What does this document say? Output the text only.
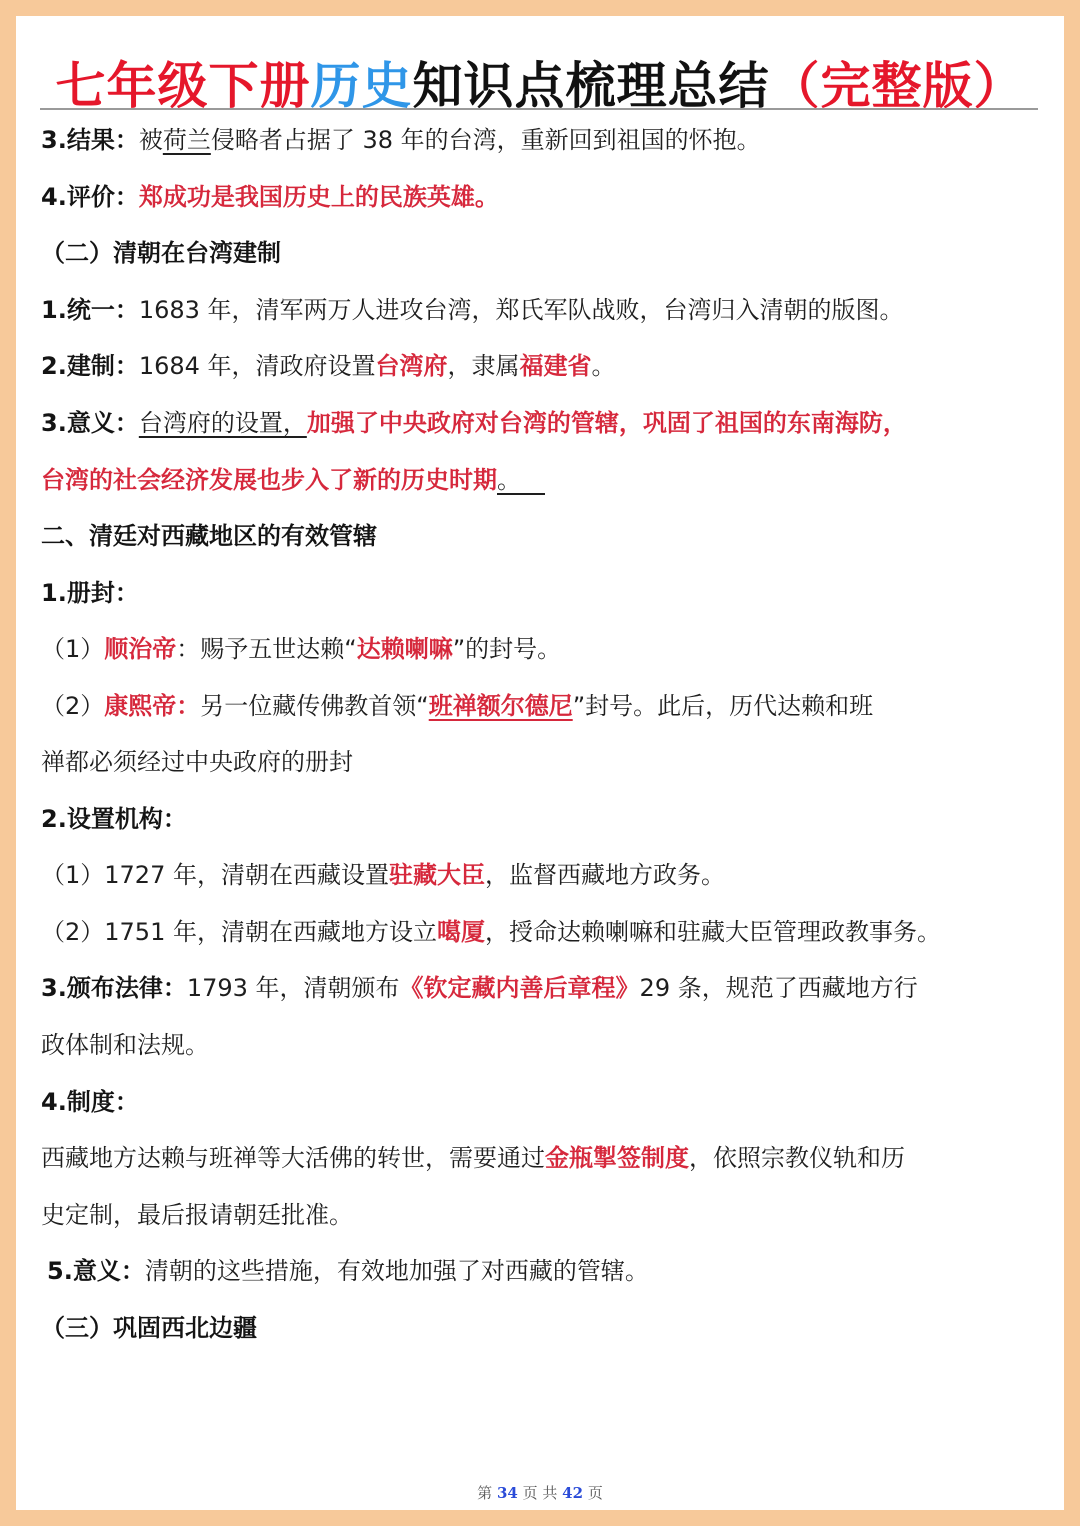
七年级下册历史知识点梳理总结（完整版）
3.结果：被荷兰侵略者占据了 38 年的台湾，重新回到祖国的怀抱。
4.评价：郑成功是我国历史上的民族英雄。
（二）清朝在台湾建制
1.统一：1683 年，清军两万人进攻台湾，郑氏军队战败，台湾归入清朝的版图。
2.建制：1684 年，清政府设置台湾府，隶属福建省。
3.意义：台湾府的设置，加强了中央政府对台湾的管辖，巩固了祖国的东南海防，
台湾的社会经济发展也步入了新的历史时期。 
二、清廷对西藏地区的有效管辖
1.册封：
（1）顺治帝：赐予五世达赖“达赖喇嘛”的封号。
（2）康熙帝：另一位藏传佛教首领“班禅额尔德尼”封号。此后，历代达赖和班
禅都必须经过中央政府的册封
2.设置机构：
（1）1727 年，清朝在西藏设置驻藏大臣，监督西藏地方政务。
（2）1751 年，清朝在西藏地方设立噶厦，授命达赖喇嘛和驻藏大臣管理政教事务。
3.颁布法律：1793 年，清朝颁布《钦定藏内善后章程》29 条，规范了西藏地方行
政体制和法规。
4.制度：
西藏地方达赖与班禅等大活佛的转世，需要通过金瓶掣签制度，依照宗教仪轨和历
史定制，最后报请朝廷批准。
5.意义：清朝的这些措施，有效地加强了对西藏的管辖。
（三）巩固西北边疆
第 34 页 共 42 页
